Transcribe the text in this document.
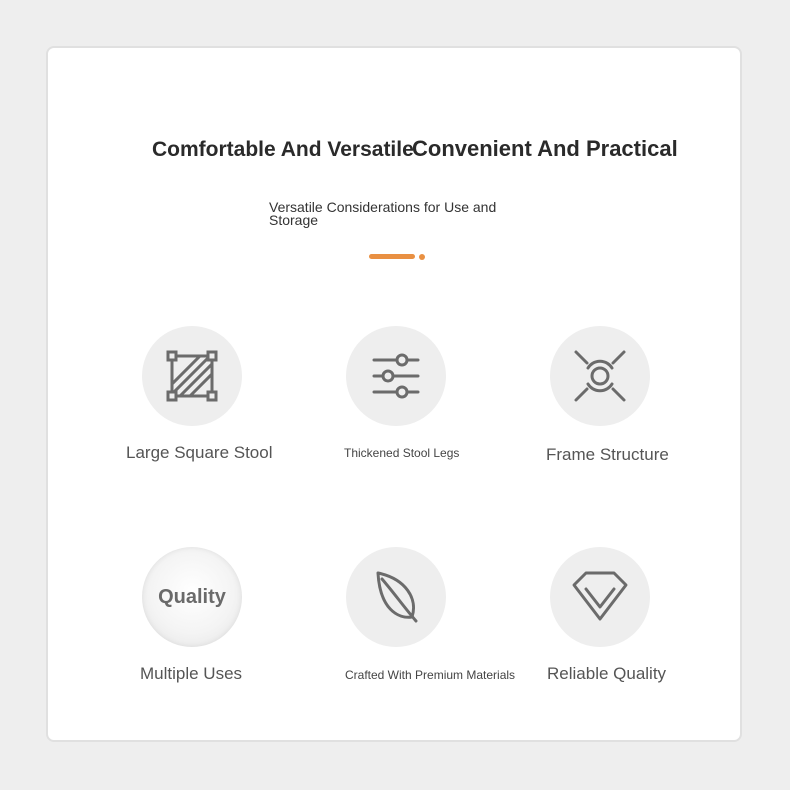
Comfortable And Versatile
Convenient And Practical
Versatile Considerations for Use and Storage
Large Square Stool	Thickened Stool Legs	Frame Structure
Quality
Multiple Uses	Crafted With Premium Materials Reliable Quality
